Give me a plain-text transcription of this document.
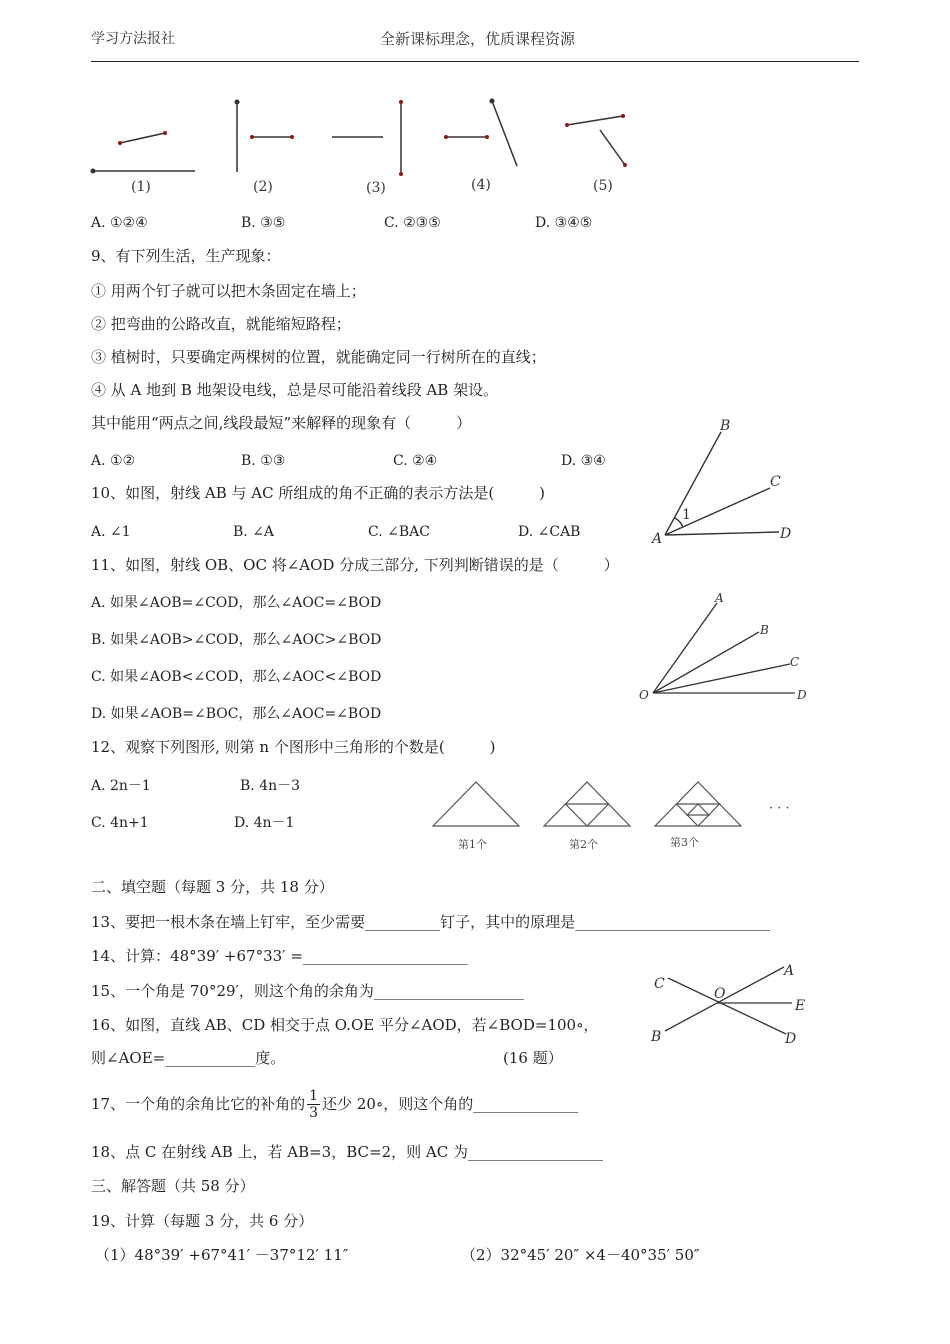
学习方法报社	全新课标理念，优质课程资源
(1)	(2)	(3)	(4)	(5)
A. ①②④	B. ③⑤	C. ②③⑤	D. ③④⑤
9、有下列生活，生产现象：
① 用两个钉子就可以把木条固定在墙上；
② 把弯曲的公路改直，就能缩短路程；
③ 植树时，只要确定两棵树的位置，就能确定同一行树所在的直线；
④ 从 A 地到 B 地架设电线，总是尽可能沿着线段 AB 架设。
其中能用“两点之间,线段最短”来解释的现象有（　　　）
A. ①②	B. ①③	C. ②④	D. ③④
B
C
A	D
1
10、如图，射线 AB 与 AC 所组成的角不正确的表示方法是(　　　)
A. ∠1	B. ∠A	C. ∠BAC	D. ∠CAB
11、如图，射线 OB、OC 将∠AOD 分成三部分, 下列判断错误的是（　　　）
A. 如果∠AOB=∠COD，那么∠AOC=∠BOD
B. 如果∠AOB>∠COD，那么∠AOC>∠BOD
C. 如果∠AOB<∠COD，那么∠AOC<∠BOD
D. 如果∠AOB=∠BOC，那么∠AOC=∠BOD
A
B
C
O	D
12、观察下列图形, 则第 n 个图形中三角形的个数是(　　　)
A. 2n－1	B. 4n－3
C. 4n+1	D. 4n－1
第1个	第2个	第3个
· · ·
二、填空题（每题 3 分，共 18 分）
13、要把一根木条在墙上钉牢，至少需要__________钉子，其中的原理是__________________________
14、计算：48°39′ +67°33′ =______________________
15、一个角是 70°29′，则这个角的余角为____________________
16、如图，直线 AB、CD 相交于点 O.OE 平分∠AOD，若∠BOD=100∘，
则∠AOE=____________度。	(16 题）
C
O
A
E
B	D
17、一个角的余角比它的补角的 $\frac{1}{3}$ 还少 20∘，则这个角的______________
18、点 C 在射线 AB 上，若 AB=3，BC=2，则 AC 为__________________
三、解答题（共 58 分）
19、计算（每题 3 分，共 6 分）
（1）48°39′ +67°41′ －37°12′ 11″	（2）32°45′ 20″ ×4－40°35′ 50″
